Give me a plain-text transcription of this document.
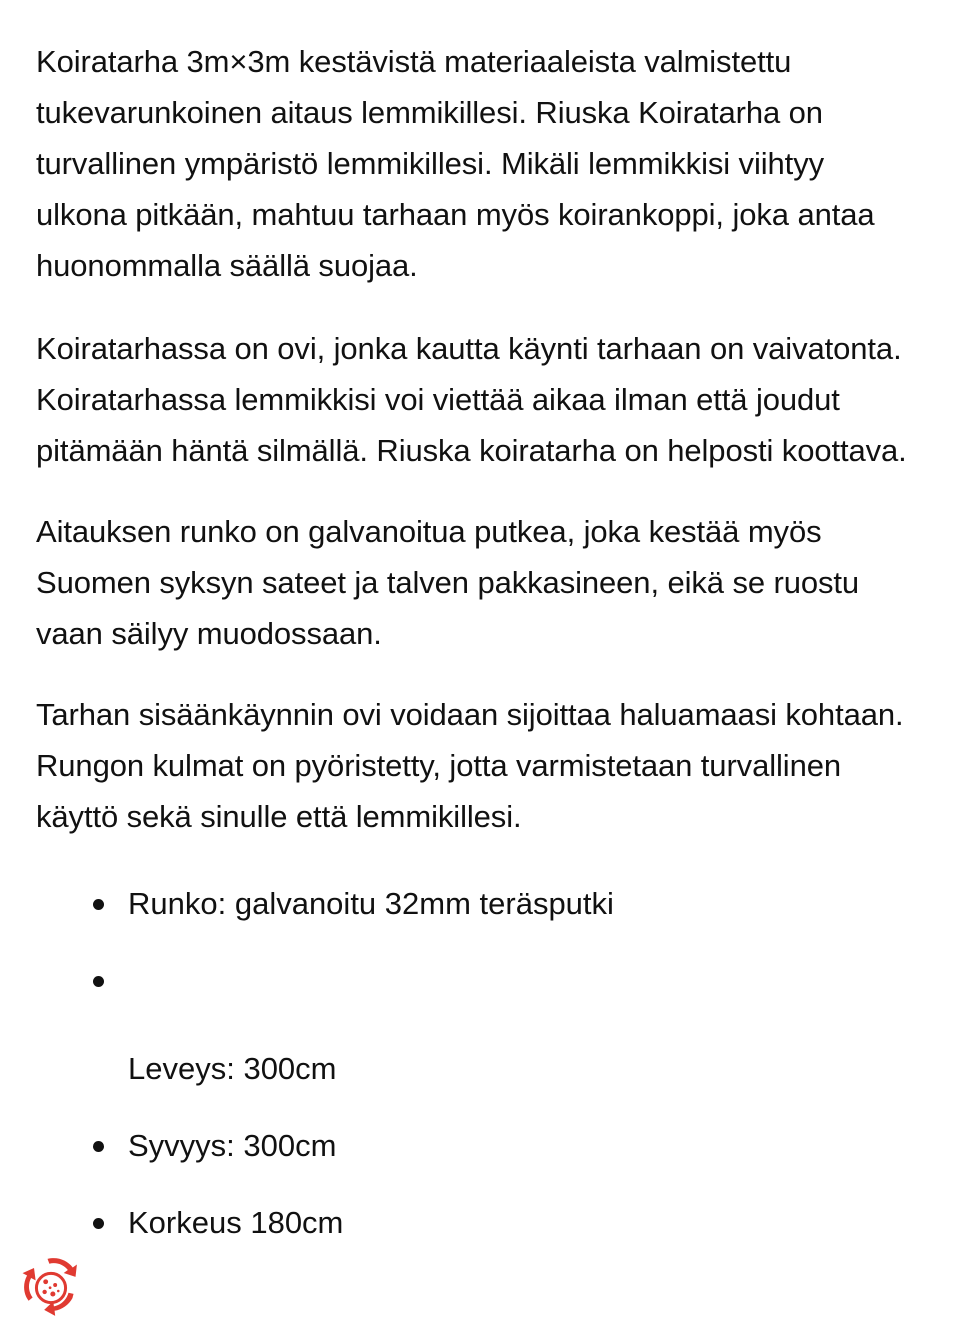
Koiratarha 3m×3m kestävistä materiaaleista valmistettu tukevarunkoinen aitaus lemmikillesi. Riuska Koiratarha on turvallinen ympäristö lemmikillesi. Mikäli lemmikkisi viihtyy ulkona pitkään, mahtuu tarhaan myös koirankoppi, joka antaa huonommalla säällä suojaa.

Koiratarhassa on ovi, jonka kautta käynti tarhaan on vaivatonta. Koiratarhassa lemmikkisi voi viettää aikaa ilman että joudut pitämään häntä silmällä. Riuska koiratarha on helposti koottava.

Aitauksen runko on galvanoitua putkea, joka kestää myös Suomen syksyn sateet ja talven pakkasineen, eikä se ruostu vaan säilyy muodossaan.

Tarhan sisäänkäynnin ovi voidaan sijoittaa haluamaasi kohtaan. Rungon kulmat on pyöristetty, jotta varmistetaan turvallinen käyttö sekä sinulle että lemmikillesi.

Runko: galvanoitu 32mm teräsputki
Leveys: 300cm
Syvyys: 300cm
Korkeus 180cm
